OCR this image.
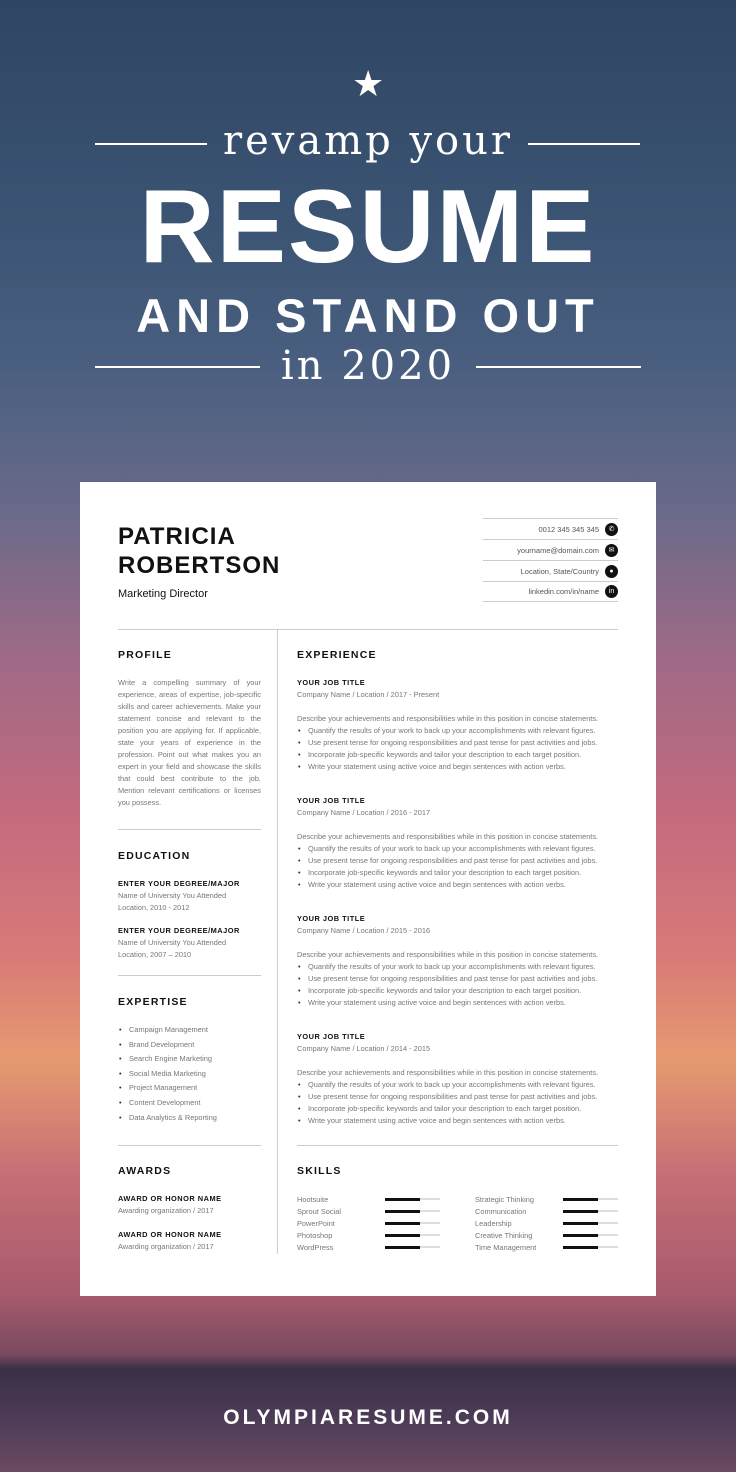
★
revamp your
RESUME
AND STAND OUT
in 2020
PATRICIA
ROBERTSON
Marketing Director
0012 345 345 345	✆
yourname@domain.com	✉
Location, State/Country	●
linkedin.com/in/name	in
PROFILE

Write a compelling summary of your experience, areas of expertise, job-specific skills and career achievements. Make your statement concise and relevant to the position you are applying for. If applicable, state your years of experience in the profession. Point out what makes you an expert in your field and showcase the skills that could best contribute to the job. Mention relevant certifications or licenses you possess.

EDUCATION
ENTER YOUR DEGREE/MAJOR
Name of University You Attended
Location, 2010 - 2012
ENTER YOUR DEGREE/MAJOR
Name of University You Attended
Location, 2007 – 2010
EXPERTISE
• Campaign Management
• Brand Development
• Search Engine Marketing
• Social Media Marketing
• Project Management
• Content Development
• Data Analytics & Reporting
AWARDS
AWARD OR HONOR NAME
Awarding organization / 2017
AWARD OR HONOR NAME
Awarding organization / 2017
EXPERIENCE
YOUR JOB TITLE
Company Name / Location / 2017 - Present
Describe your achievements and responsibilities while in this position in concise statements.
• Quantify the results of your work to back up your accomplishments with relevant figures.
• Use present tense for ongoing responsibilities and past tense for past activities and jobs.
• Incorporate job-specific keywords and tailor your description to each target position.
• Write your statement using active voice and begin sentences with action verbs.
YOUR JOB TITLE
Company Name / Location / 2016 - 2017
Describe your achievements and responsibilities while in this position in concise statements.
• Quantify the results of your work to back up your accomplishments with relevant figures.
• Use present tense for ongoing responsibilities and past tense for past activities and jobs.
• Incorporate job-specific keywords and tailor your description to each target position.
• Write your statement using active voice and begin sentences with action verbs.
YOUR JOB TITLE
Company Name / Location / 2015 - 2016
Describe your achievements and responsibilities while in this position in concise statements.
• Quantify the results of your work to back up your accomplishments with relevant figures.
• Use present tense for ongoing responsibilities and past tense for past activities and jobs.
• Incorporate job-specific keywords and tailor your description to each target position.
• Write your statement using active voice and begin sentences with action verbs.
YOUR JOB TITLE
Company Name / Location / 2014 - 2015
Describe your achievements and responsibilities while in this position in concise statements.
• Quantify the results of your work to back up your accomplishments with relevant figures.
• Use present tense for ongoing responsibilities and past tense for past activities and jobs.
• Incorporate job-specific keywords and tailor your description to each target position.
• Write your statement using active voice and begin sentences with action verbs.
SKILLS
Hootsuite	Strategic Thinking
Sprout Social	Communication
PowerPoint	Leadership
Photoshop	Creative Thinking
WordPress	Time Management
OLYMPIARESUME.COM
